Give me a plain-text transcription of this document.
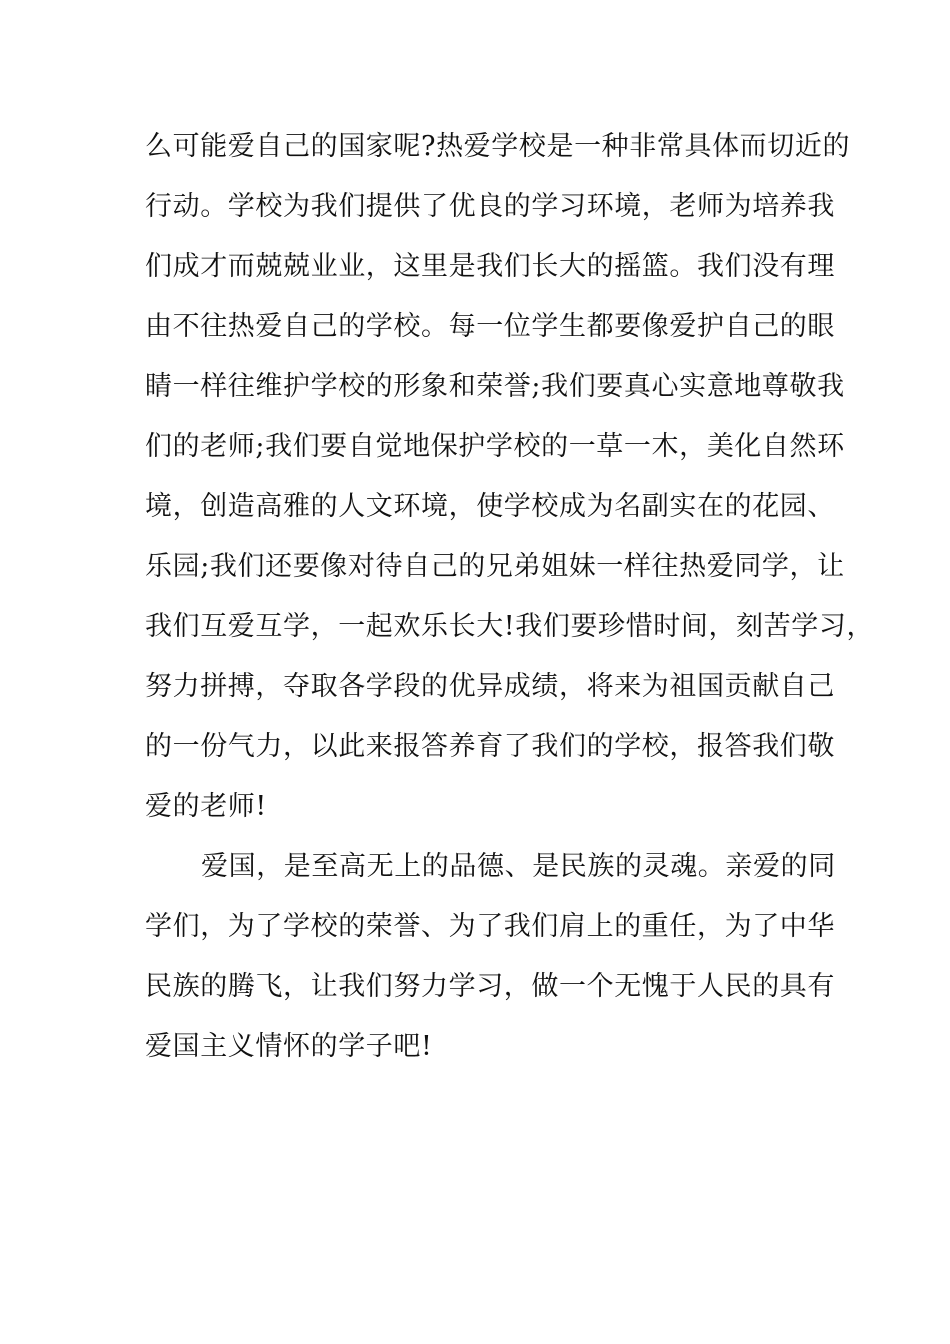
么可能爱自己的国家呢?热爱学校是一种非常具体而切近的
行动。学校为我们提供了优良的学习环境，老师为培养我
们成才而兢兢业业，这里是我们长大的摇篮。我们没有理
由不往热爱自己的学校。每一位学生都要像爱护自己的眼
睛一样往维护学校的形象和荣誉;我们要真心实意地尊敬我
们的老师;我们要自觉地保护学校的一草一木，美化自然环
境，创造高雅的人文环境，使学校成为名副实在的花园、
乐园;我们还要像对待自己的兄弟姐妹一样往热爱同学，让
我们互爱互学，一起欢乐长大!我们要珍惜时间，刻苦学习，
努力拼搏，夺取各学段的优异成绩，将来为祖国贡献自己
的一份气力，以此来报答养育了我们的学校，报答我们敬
爱的老师!
爱国，是至高无上的品德、是民族的灵魂。亲爱的同
学们，为了学校的荣誉、为了我们肩上的重任，为了中华
民族的腾飞，让我们努力学习，做一个无愧于人民的具有
爱国主义情怀的学子吧!
